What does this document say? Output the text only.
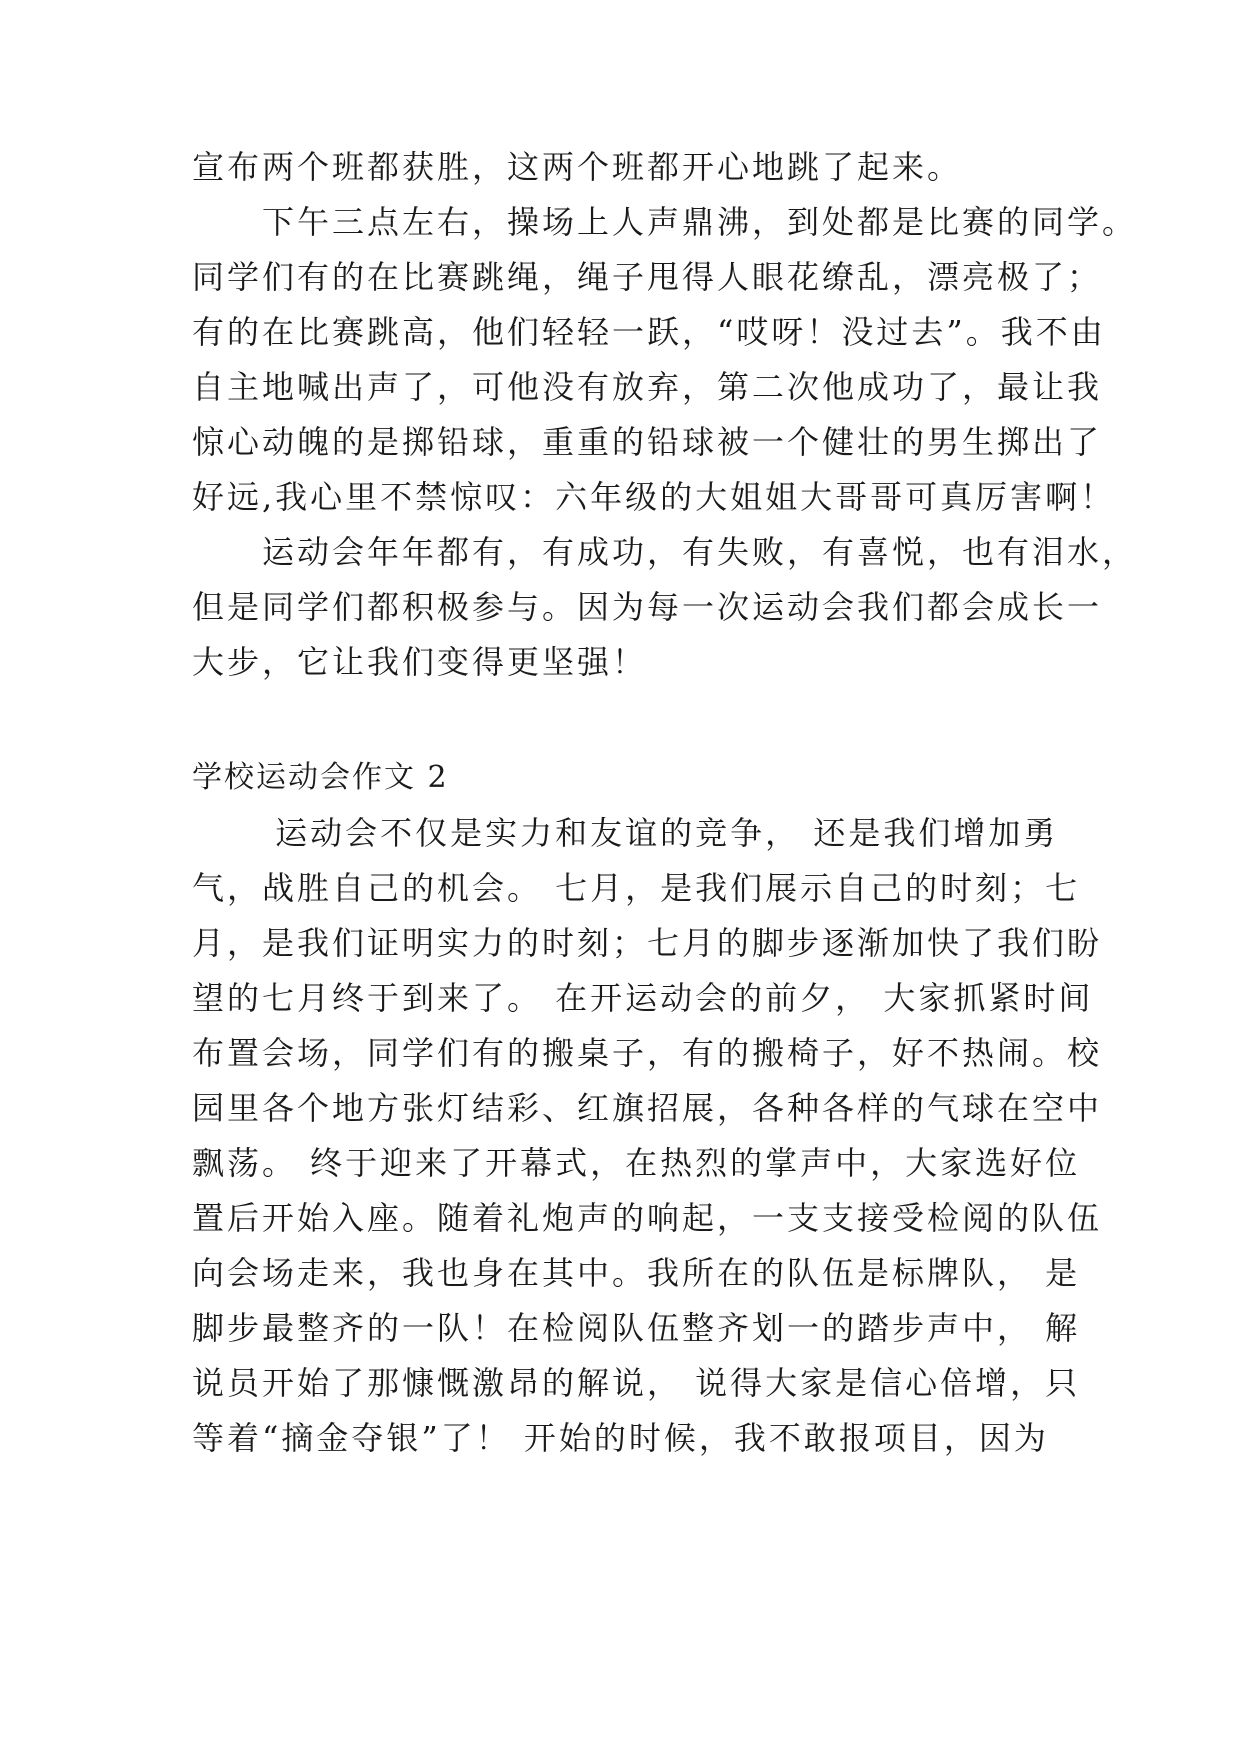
宣布两个班都获胜，这两个班都开心地跳了起来。
　　下午三点左右，操场上人声鼎沸，到处都是比赛的同学。
同学们有的在比赛跳绳，绳子甩得人眼花缭乱，漂亮极了；
有的在比赛跳高，他们轻轻一跃，“哎呀！没过去”。我不由
自主地喊出声了，可他没有放弃，第二次他成功了，最让我
惊心动魄的是掷铅球，重重的铅球被一个健壮的男生掷出了
好远,我心里不禁惊叹：六年级的大姐姐大哥哥可真厉害啊！
　　运动会年年都有，有成功，有失败，有喜悦，也有泪水，
但是同学们都积极参与。因为每一次运动会我们都会成长一
大步，它让我们变得更坚强！
学校运动会作文 2
　　 运动会不仅是实力和友谊的竞争， 还是我们增加勇
气，战胜自己的机会。 七月，是我们展示自己的时刻；七
月，是我们证明实力的时刻；七月的脚步逐渐加快了我们盼
望的七月终于到来了。 在开运动会的前夕， 大家抓紧时间
布置会场，同学们有的搬桌子，有的搬椅子，好不热闹。校
园里各个地方张灯结彩、红旗招展，各种各样的气球在空中
飘荡。 终于迎来了开幕式，在热烈的掌声中，大家选好位
置后开始入座。随着礼炮声的响起，一支支接受检阅的队伍
向会场走来，我也身在其中。我所在的队伍是标牌队， 是
脚步最整齐的一队！在检阅队伍整齐划一的踏步声中， 解
说员开始了那慷慨激昂的解说， 说得大家是信心倍增，只
等着“摘金夺银”了！ 开始的时候，我不敢报项目，因为
